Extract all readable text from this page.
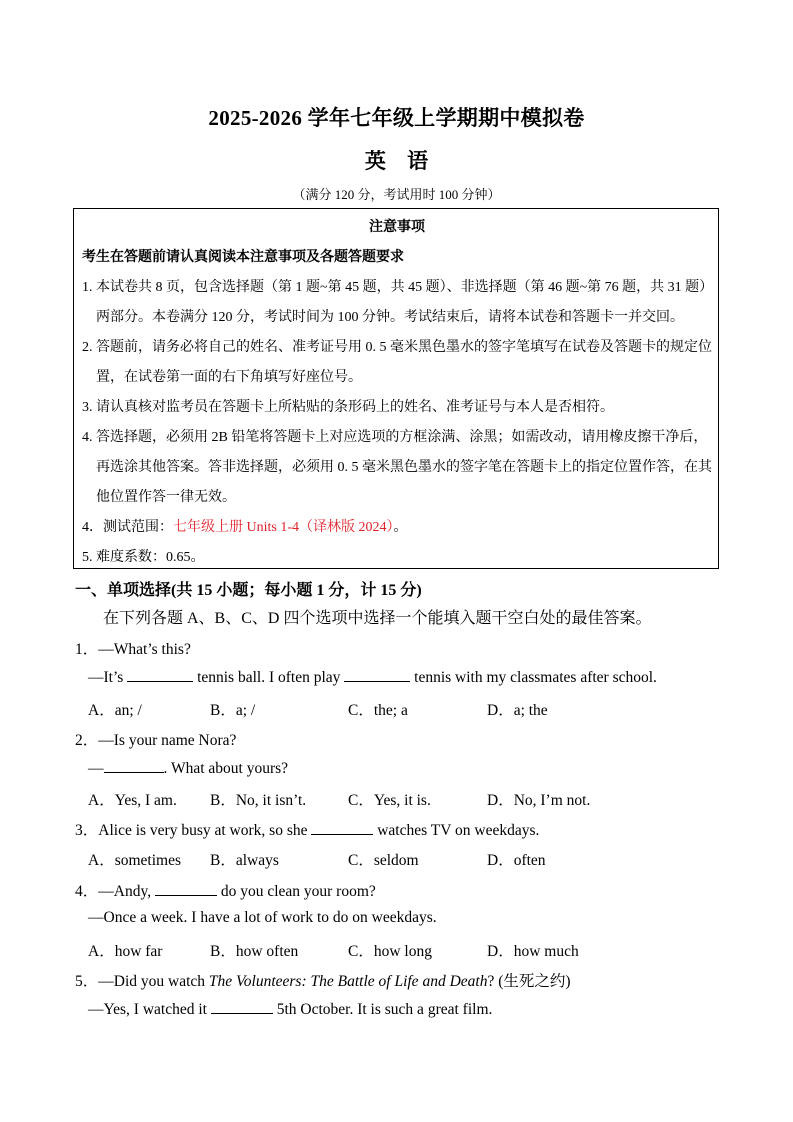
2025-2026 学年七年级上学期期中模拟卷
英 语
（满分 120 分，考试用时 100 分钟）
注意事项
考生在答题前请认真阅读本注意事项及各题答题要求
1. 本试卷共 8 页，包含选择题（第 1 题~第 45 题，共 45 题）、非选择题（第 46 题~第 76 题，共 31 题）
两部分。本卷满分 120 分，考试时间为 100 分钟。考试结束后，请将本试卷和答题卡一并交回。
2. 答题前，请务必将自己的姓名、准考证号用 0. 5 毫米黑色墨水的签字笔填写在试卷及答题卡的规定位
置，在试卷第一面的右下角填写好座位号。
3. 请认真核对监考员在答题卡上所粘贴的条形码上的姓名、准考证号与本人是否相符。
4. 答选择题，必须用 2B 铅笔将答题卡上对应选项的方框涂满、涂黑；如需改动，请用橡皮擦干净后，
再选涂其他答案。答非选择题，必须用 0. 5 毫米黑色墨水的签字笔在答题卡上的指定位置作答，在其
他位置作答一律无效。
4．测试范围：七年级上册 Units 1-4（译林版 2024）。
5. 难度系数：0.65。
一、单项选择(共 15 小题；每小题 1 分，计 15 分)
在下列各题 A、B、C、D 四个选项中选择一个能填入题干空白处的最佳答案。
1．—What’s this?
—It’s	tennis ball. I often play	tennis with my classmates after school.
A．an; /	B．a; /	C．the; a	D．a; the
2．—Is your name Nora?
—	. What about yours?
A．Yes, I am. B．No, it isn’t.	C．Yes, it is.	D．No, I’m not.
3．Alice is very busy at work, so she	watches TV on weekdays.
A．sometimes B．always	C．seldom	D．often
4．—Andy,	do you clean your room?
—Once a week. I have a lot of work to do on weekdays.
A．how far	B．how often	C．how long	D．how much
5．—Did you watch The Volunteers: The Battle of Life and Death? (生死之约)
—Yes, I watched it	5th October. It is such a great film.
